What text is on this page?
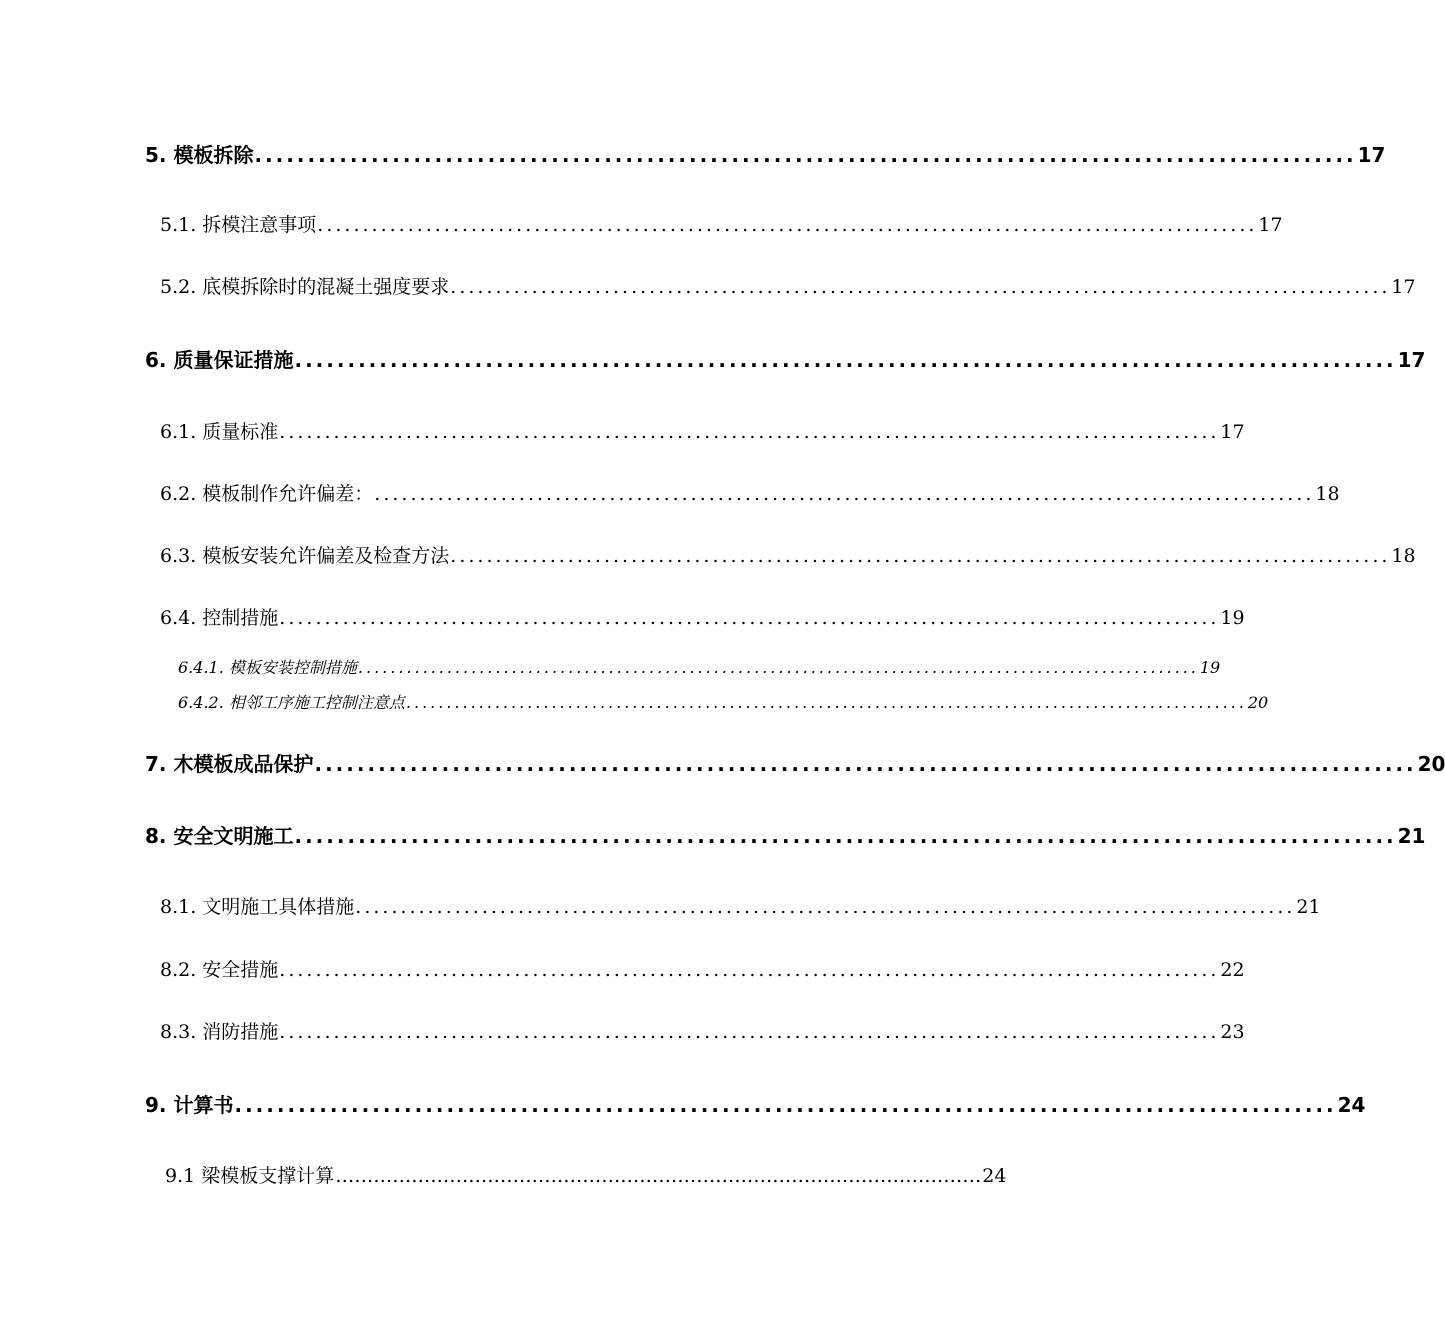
5. 模板拆除 ........................................................................................................ 17
5.1. 拆模注意事项 ........................................................................................................ 17
5.2. 底模拆除时的混凝土强度要求 ........................................................................................................ 17
6. 质量保证措施 ........................................................................................................ 17
6.1. 质量标准 ........................................................................................................ 17
6.2. 模板制作允许偏差： ........................................................................................................ 18
6.3. 模板安装允许偏差及检查方法 ........................................................................................................ 18
6.4. 控制措施 ........................................................................................................ 19
6.4.1. 模板安装控制措施 ........................................................................................................ 19
6.4.2. 相邻工序施工控制注意点 ........................................................................................................ 20
7. 木模板成品保护 ........................................................................................................ 20
8. 安全文明施工 ........................................................................................................ 21
8.1. 文明施工具体措施 ........................................................................................................ 21
8.2. 安全措施 ........................................................................................................ 22
8.3. 消防措施 ........................................................................................................ 23
9. 计算书 ........................................................................................................ 24
9.1 梁模板支撑计算 ………………………………………………………………………………………… 24
